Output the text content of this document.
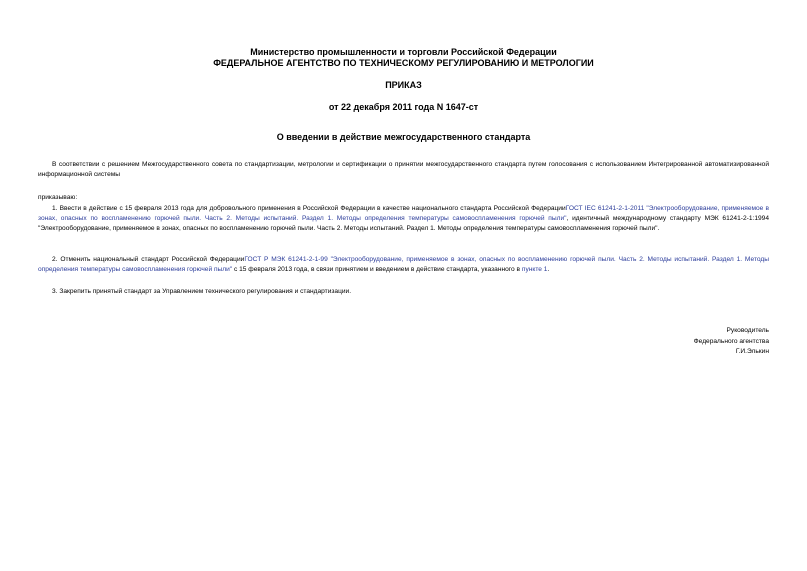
Министерство промышленности и торговли Российской Федерации
ФЕДЕРАЛЬНОЕ АГЕНТСТВО ПО ТЕХНИЧЕСКОМУ РЕГУЛИРОВАНИЮ И МЕТРОЛОГИИ
ПРИКАЗ
от 22 декабря 2011 года N 1647-ст
О введении в действие межгосударственного стандарта
В соответствии с решением Межгосударственного совета по стандартизации, метрологии и сертификации о принятии межгосударственного стандарта путем голосования с использованием Интегрированной автоматизированной информационной системы
приказываю:
1. Ввести в действие с 15 февраля 2013 года для добровольного применения в Российской Федерации в качестве национального стандарта Российской ФедерацииГОСТ IEC 61241-2-1-2011 "Электрооборудование, применяемое в зонах, опасных по воспламенению горючей пыли. Часть 2. Методы испытаний. Раздел 1. Методы определения температуры самовоспламенения горючей пыли", идентичный международному стандарту МЭК 61241-2-1:1994 "Электрооборудование, применяемое в зонах, опасных по воспламенению горючей пыли. Часть 2. Методы испытаний. Раздел 1. Методы определения температуры самовоспламенения горючей пыли".
2. Отменить национальный стандарт Российской ФедерацииГОСТ Р МЭК 61241-2-1-99 "Электрооборудование, применяемое в зонах, опасных по воспламенению горючей пыли. Часть 2. Методы испытаний. Раздел 1. Методы определения температуры самовоспламенения горючей пыли" с 15 февраля 2013 года, в связи принятием и введением в действие стандарта, указанного в пункте 1.
3. Закрепить принятый стандарт за Управлением технического регулирования и стандартизации.
Руководитель
Федерального агентства
Г.И.Элькин
